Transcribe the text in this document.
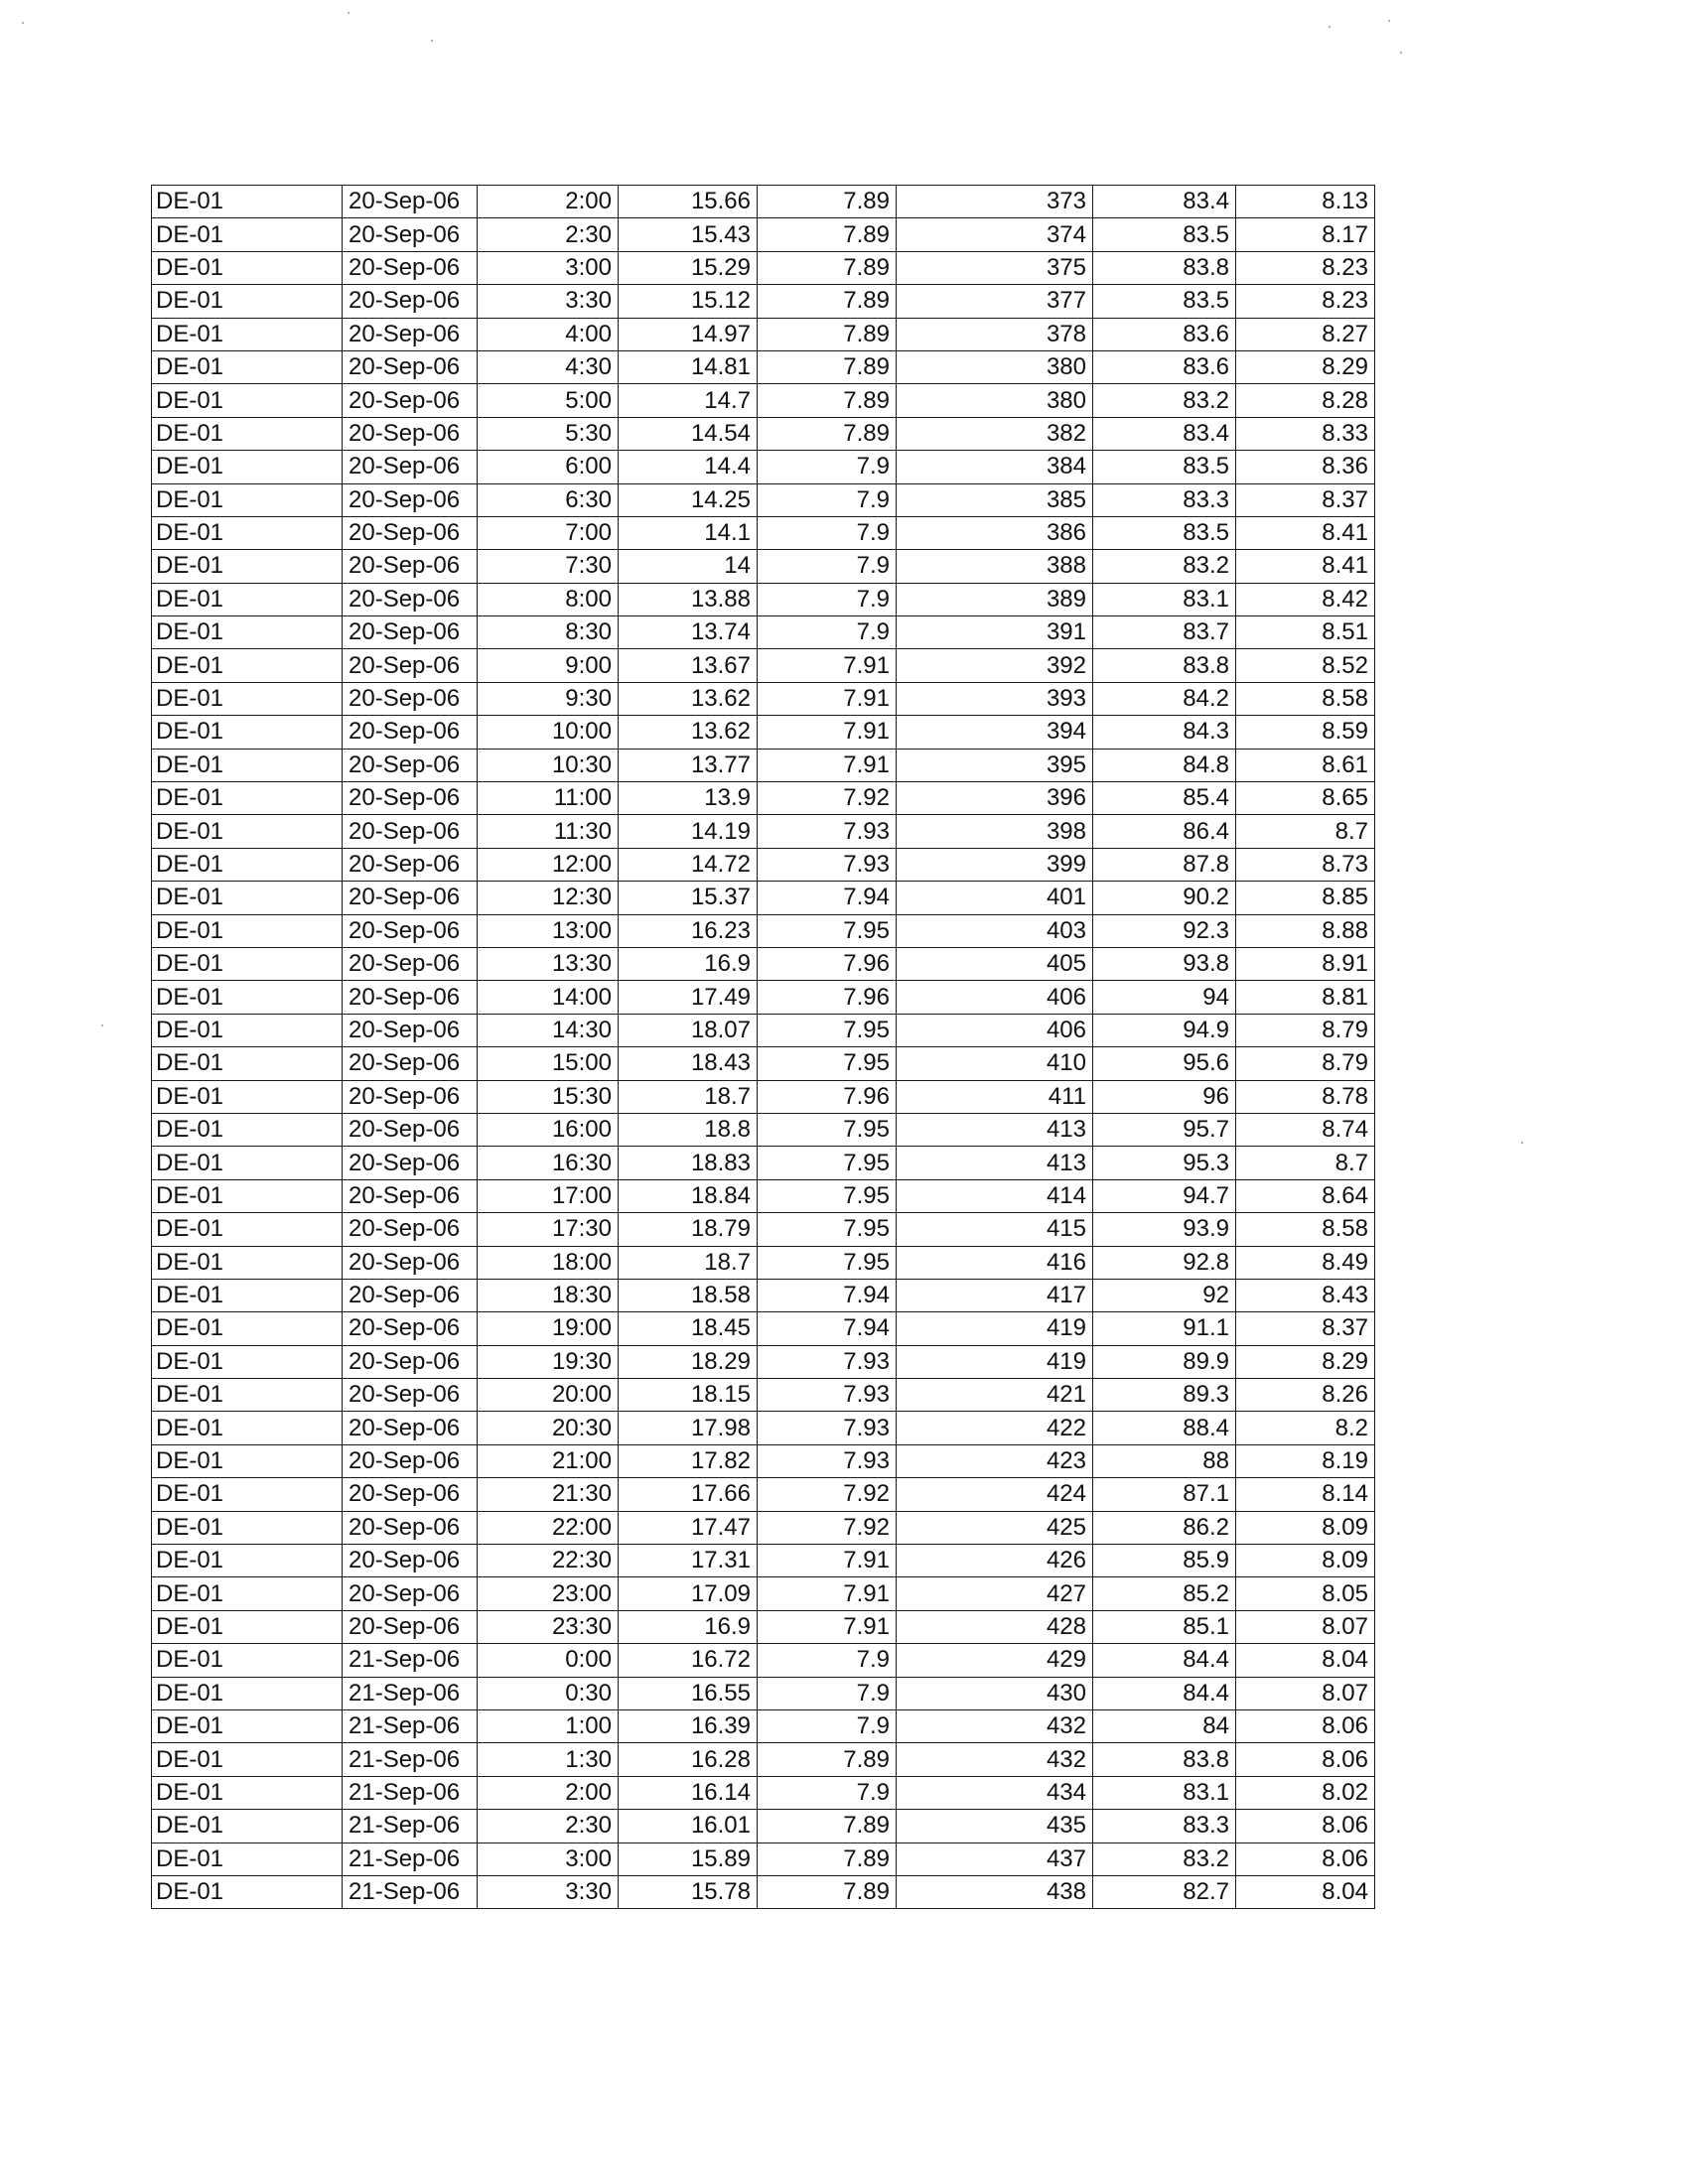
DE-01	20-Sep-06	2:00	15.66	7.89	373	83.4	8.13
DE-01	20-Sep-06	2:30	15.43	7.89	374	83.5	8.17
DE-01	20-Sep-06	3:00	15.29	7.89	375	83.8	8.23
DE-01	20-Sep-06	3:30	15.12	7.89	377	83.5	8.23
DE-01	20-Sep-06	4:00	14.97	7.89	378	83.6	8.27
DE-01	20-Sep-06	4:30	14.81	7.89	380	83.6	8.29
DE-01	20-Sep-06	5:00	14.7	7.89	380	83.2	8.28
DE-01	20-Sep-06	5:30	14.54	7.89	382	83.4	8.33
DE-01	20-Sep-06	6:00	14.4	7.9	384	83.5	8.36
DE-01	20-Sep-06	6:30	14.25	7.9	385	83.3	8.37
DE-01	20-Sep-06	7:00	14.1	7.9	386	83.5	8.41
DE-01	20-Sep-06	7:30	14	7.9	388	83.2	8.41
DE-01	20-Sep-06	8:00	13.88	7.9	389	83.1	8.42
DE-01	20-Sep-06	8:30	13.74	7.9	391	83.7	8.51
DE-01	20-Sep-06	9:00	13.67	7.91	392	83.8	8.52
DE-01	20-Sep-06	9:30	13.62	7.91	393	84.2	8.58
DE-01	20-Sep-06	10:00	13.62	7.91	394	84.3	8.59
DE-01	20-Sep-06	10:30	13.77	7.91	395	84.8	8.61
DE-01	20-Sep-06	11:00	13.9	7.92	396	85.4	8.65
DE-01	20-Sep-06	11:30	14.19	7.93	398	86.4	8.7
DE-01	20-Sep-06	12:00	14.72	7.93	399	87.8	8.73
DE-01	20-Sep-06	12:30	15.37	7.94	401	90.2	8.85
DE-01	20-Sep-06	13:00	16.23	7.95	403	92.3	8.88
DE-01	20-Sep-06	13:30	16.9	7.96	405	93.8	8.91
DE-01	20-Sep-06	14:00	17.49	7.96	406	94	8.81
DE-01	20-Sep-06	14:30	18.07	7.95	406	94.9	8.79
DE-01	20-Sep-06	15:00	18.43	7.95	410	95.6	8.79
DE-01	20-Sep-06	15:30	18.7	7.96	411	96	8.78
DE-01	20-Sep-06	16:00	18.8	7.95	413	95.7	8.74
DE-01	20-Sep-06	16:30	18.83	7.95	413	95.3	8.7
DE-01	20-Sep-06	17:00	18.84	7.95	414	94.7	8.64
DE-01	20-Sep-06	17:30	18.79	7.95	415	93.9	8.58
DE-01	20-Sep-06	18:00	18.7	7.95	416	92.8	8.49
DE-01	20-Sep-06	18:30	18.58	7.94	417	92	8.43
DE-01	20-Sep-06	19:00	18.45	7.94	419	91.1	8.37
DE-01	20-Sep-06	19:30	18.29	7.93	419	89.9	8.29
DE-01	20-Sep-06	20:00	18.15	7.93	421	89.3	8.26
DE-01	20-Sep-06	20:30	17.98	7.93	422	88.4	8.2
DE-01	20-Sep-06	21:00	17.82	7.93	423	88	8.19
DE-01	20-Sep-06	21:30	17.66	7.92	424	87.1	8.14
DE-01	20-Sep-06	22:00	17.47	7.92	425	86.2	8.09
DE-01	20-Sep-06	22:30	17.31	7.91	426	85.9	8.09
DE-01	20-Sep-06	23:00	17.09	7.91	427	85.2	8.05
DE-01	20-Sep-06	23:30	16.9	7.91	428	85.1	8.07
DE-01	21-Sep-06	0:00	16.72	7.9	429	84.4	8.04
DE-01	21-Sep-06	0:30	16.55	7.9	430	84.4	8.07
DE-01	21-Sep-06	1:00	16.39	7.9	432	84	8.06
DE-01	21-Sep-06	1:30	16.28	7.89	432	83.8	8.06
DE-01	21-Sep-06	2:00	16.14	7.9	434	83.1	8.02
DE-01	21-Sep-06	2:30	16.01	7.89	435	83.3	8.06
DE-01	21-Sep-06	3:00	15.89	7.89	437	83.2	8.06
DE-01	21-Sep-06	3:30	15.78	7.89	438	82.7	8.04
